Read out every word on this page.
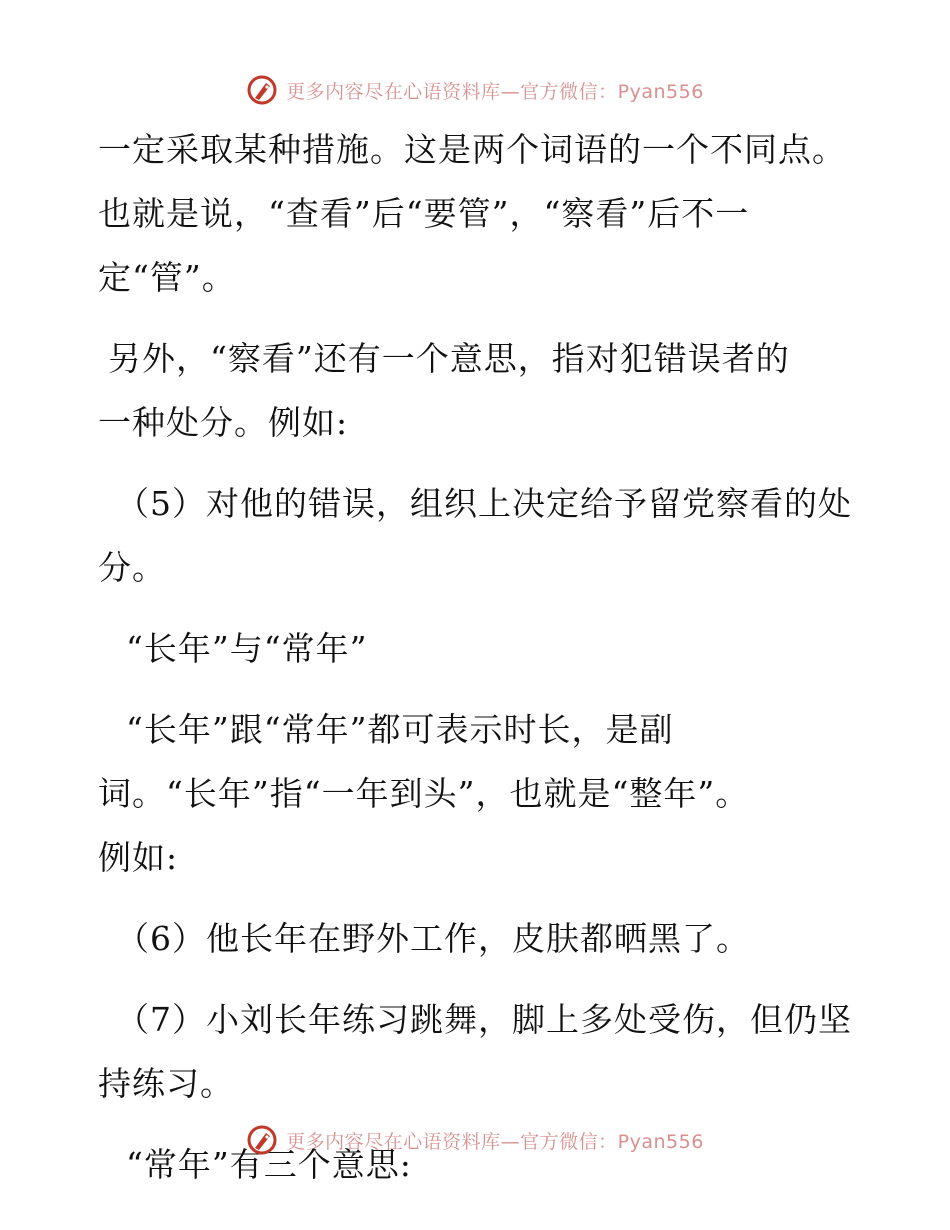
更多内容尽在心语资料库—官方微信：Pyan556

一定采取某种措施。这是两个词语的一个不同点。
也就是说，“查看”后“要管”，“察看”后不一
定“管”。

另外，“察看”还有一个意思，指对犯错误者的
一种处分。例如:

（5）对他的错误，组织上决定给予留党察看的处
分。

“长年”与“常年”

“长年”跟“常年”都可表示时长，是副
词。“长年”指“一年到头”，也就是“整年”。
例如:

（6）他长年在野外工作，皮肤都晒黑了。

（7）小刘长年练习跳舞，脚上多处受伤，但仍坚
持练习。

“常年”有三个意思:

更多内容尽在心语资料库—官方微信：Pyan556
